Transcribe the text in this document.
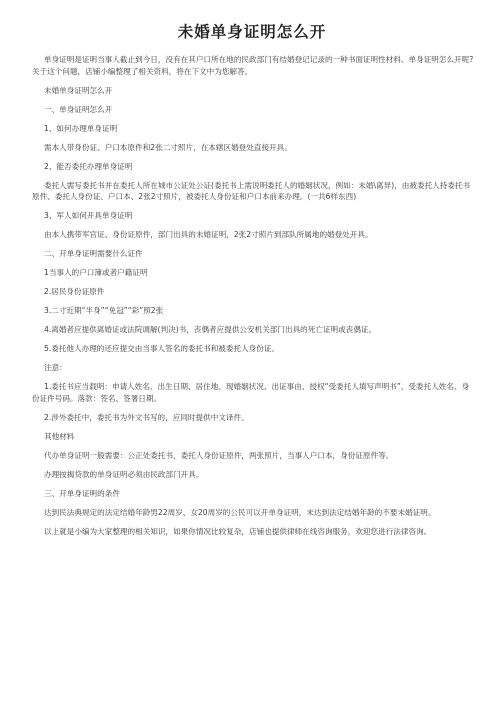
未婚单身证明怎么开

单身证明是证明当事人截止到今日，没有在其户口所在地的民政部门有结婚登记记录的一种书面证明性材料。单身证明怎么开呢?关于这个问题，店铺小编整理了相关资料，将在下文中为您解答。

未婚单身证明怎么开

一、单身证明怎么开

1、如何办理单身证明

需本人带身份证、户口本原件和2张二寸照片，在本辖区婚登处直接开具。

2、能否委托办理单身证明

委托人需写委托书并在委托人所在城市公证处公证(委托书上需说明委托人的婚姻状况，例如：未婚\离异)，由被委托人持委托书原件、委托人身份证、户口本、2张2寸照片，被委托人身份证和户口本前来办理。(一共6样东西)

3、军人如何开具单身证明

由本人携带军官证、身份证原件，部门出具的未婚证明，2张2寸照片到部队所属地的婚登处开具。

二、开单身证明需要什么证件

1当事人的户口簿或者户籍证明

2.居民身份证原件

3.二寸近期“半身”“免冠”“彩”照2张

4.离婚者应提供离婚证或法院调解(判决)书，丧偶者应提供公安机关部门出具的死亡证明或丧偶证。

5.委托他人办理的还应提交由当事人签名的委托书和被委托人身份证。

注意：

1.委托书应当载明：申请人姓名、出生日期、居住地、现婚姻状况、出证事由、授权“受委托人填写声明书”，受委托人姓名、身份证件号码。落款：签名、签署日期。

2.涉外委托中，委托书为外文书写的，应同时提供中文译件。

其他材料

代办单身证明一般需要：公正处委托书，委托人身份证原件，两张照片，当事人户口本，身份证原件等。

办理按揭贷款的单身证明必须由民政部门开具。

三、开单身证明的条件

达到民法典规定的法定结婚年龄男22周岁、女20周岁的公民可以开单身证明，未达到法定结婚年龄的不要未婚证明。

以上就是小编为大家整理的相关知识，如果你情况比较复杂，店铺也提供律师在线咨询服务，欢迎您进行法律咨询。
